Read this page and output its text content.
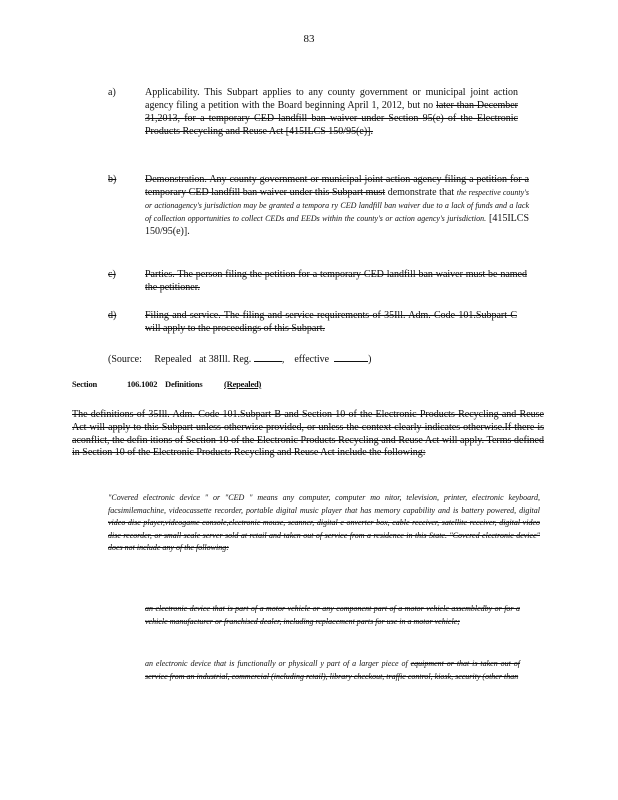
83
a)	Applicability. This Subpart applies to any county government or municipal joint action agency filing a petition with the Board beginning April 1, 2012, but no later than December 31,2013, for a temporary CED landfill ban waiver under Section 95(e) of the Electronic Products Recycling and Reuse Act [415ILCS 150/95(e)].
b)	Demonstration. Any county government or municipal joint action agency filing a petition for a temporary CED landfill ban waiver under this Subpart must demonstrate that the respective county's or actionagency's jurisdiction may be granted a tempora ry CED landfill ban waiver due to a lack of funds and a lack of collection opportunities to collect CEDs and EEDs within the county's or action agency's jurisdiction. [415ILCS 150/95(e)].
c)	Parties. The person filing the petition for a temporary CED landfill ban waiver must be named the petitioner.
d)	Filing and service. The filing and service requirements of 35Ill. Adm. Code 101.Subpart C will apply to the proceedings of this Subpart.
(Source: Repealed at 38Ill. Reg.	, effective	)
Section	106.1002 Definitions	(Repealed)
The definitions of 35Ill. Adm. Code 101.Subpart B and Section 10 of the Electronic Products Recycling and Reuse Act will apply to this Subpart unless otherwise provided, or unless the context clearly indicates otherwise.If there is aconflict, the defin itions of Section 10 of the Electronic Products Recycling and Reuse Act will apply. Terms defined in Section 10 of the Electronic Products Recycling and Reuse Act include the following:
"Covered electronic device " or "CED " means any computer, computer mo nitor, television, printer, electronic keyboard, facsimilemachine, videocassette recorder, portable digital music player that has memory capability and is battery powered, digital video disc player,videogame console,electronic mouse, scanner, digital c onverter box, cable receiver, satellite receiver, digital video disc recorder, or small scale server sold at retail and taken out of service from a residence in this State. "Covered electronic device" does not include any of the following:
an electronic device that is part of a motor vehicle or any component part of a motor vehicle assembledby or for a vehicle manufacturer or franchised dealer, including replacement parts for use in a motor vehicle;
an electronic device that is functionally or physicall y part of a larger piece of equipment or that is taken out of service from an industrial, commercial (including retail), library checkout, traffic control, kiosk, security (other than
